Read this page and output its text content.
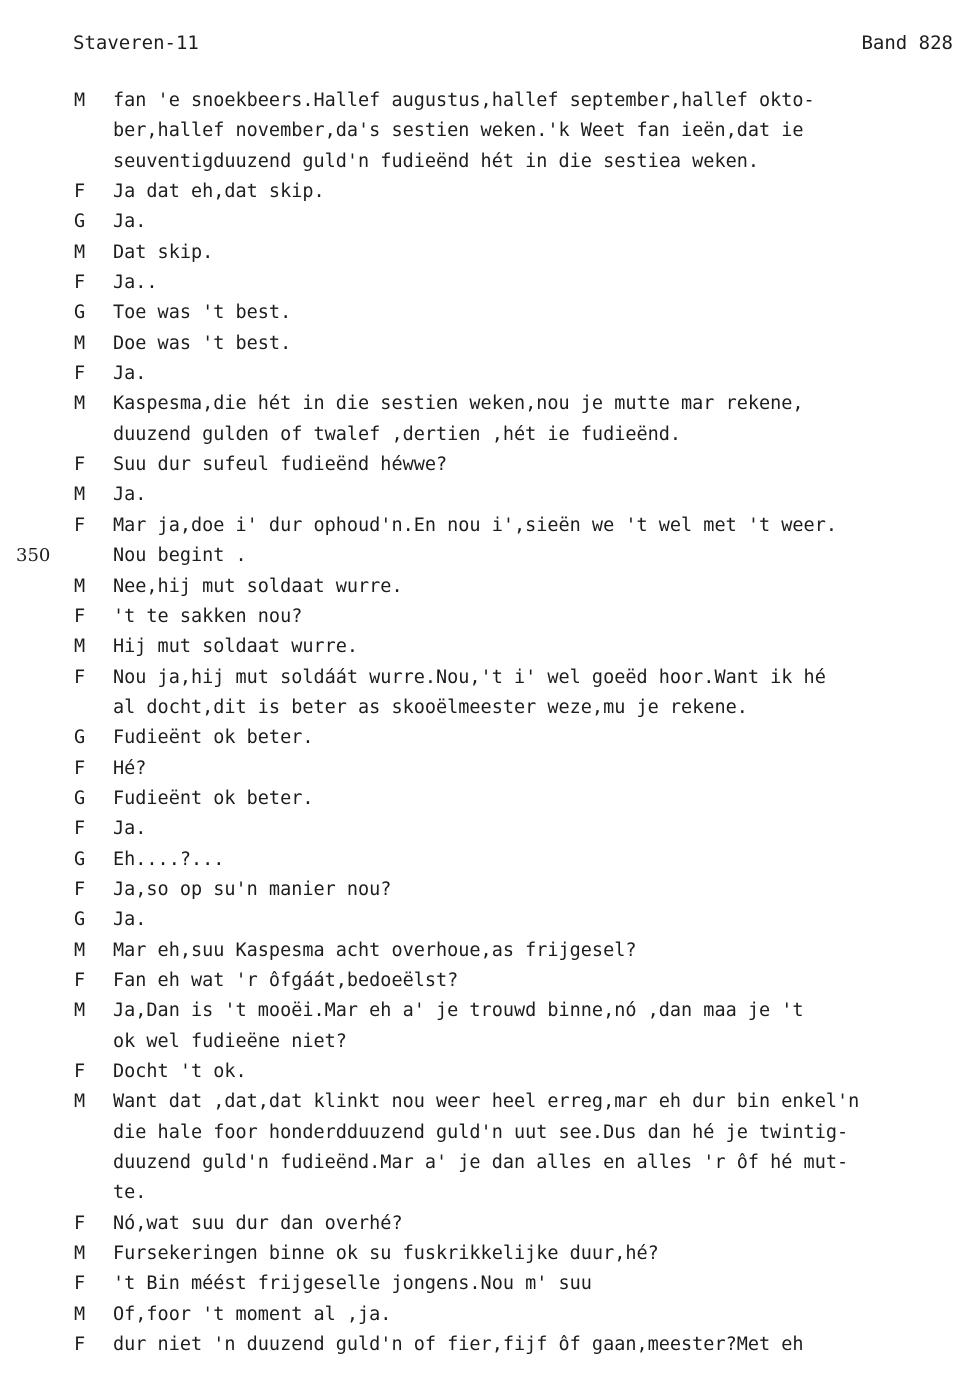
Staveren-11	Band 828
M	fan 'e snoekbeers.Hallef augustus,hallef september,hallef okto-
ber,hallef november,da's sestien weken.'k Weet fan ieën,dat ie
seuventigduuzend guld'n fudieënd hét in die sestiea weken.
F	Ja dat eh,dat skip.
G	Ja.
M	Dat skip.
F	Ja..
G	Toe was 't best.
M	Doe was 't best.
F	Ja.
M	Kaspesma,die hét in die sestien weken,nou je mutte mar rekene,
duuzend gulden of twalef ,dertien ,hét ie fudieënd.
F	Suu dur sufeul fudieënd héwwe?
M	Ja.
F	Mar ja,doe i' dur ophoud'n.En nou i',sieën we 't wel met 't weer.
350	Nou begint .
M	Nee,hij mut soldaat wurre.
F	't te sakken nou?
M	Hij mut soldaat wurre.
F	Nou ja,hij mut soldáát wurre.Nou,'t i' wel goeëd hoor.Want ik hé
al docht,dit is beter as skooëlmeester weze,mu je rekene.
G	Fudieënt ok beter.
F	Hé?
G	Fudieënt ok beter.
F	Ja.
G	Eh....?...
F	Ja,so op su'n manier nou?
G	Ja.
M	Mar eh,suu Kaspesma acht overhoue,as frijgesel?
F	Fan eh wat 'r ôfgáát,bedoeëlst?
M	Ja,Dan is 't mooëi.Mar eh a' je trouwd binne,nó ,dan maa je 't
ok wel fudieëne niet?
F	Docht 't ok.
M	Want dat ,dat,dat klinkt nou weer heel erreg,mar eh dur bin enkel'n
die hale foor honderdduuzend guld'n uut see.Dus dan hé je twintig-
duuzend guld'n fudieënd.Mar a' je dan alles en alles 'r ôf hé mut-
te.
F	Nó,wat suu dur dan overhé?
M	Fursekeringen binne ok su fuskrikkelijke duur,hé?
F	't Bin méést frijgeselle jongens.Nou m' suu
M	Of,foor 't moment al ,ja.
F	dur niet 'n duuzend guld'n of fier,fijf ôf gaan,meester?Met eh
